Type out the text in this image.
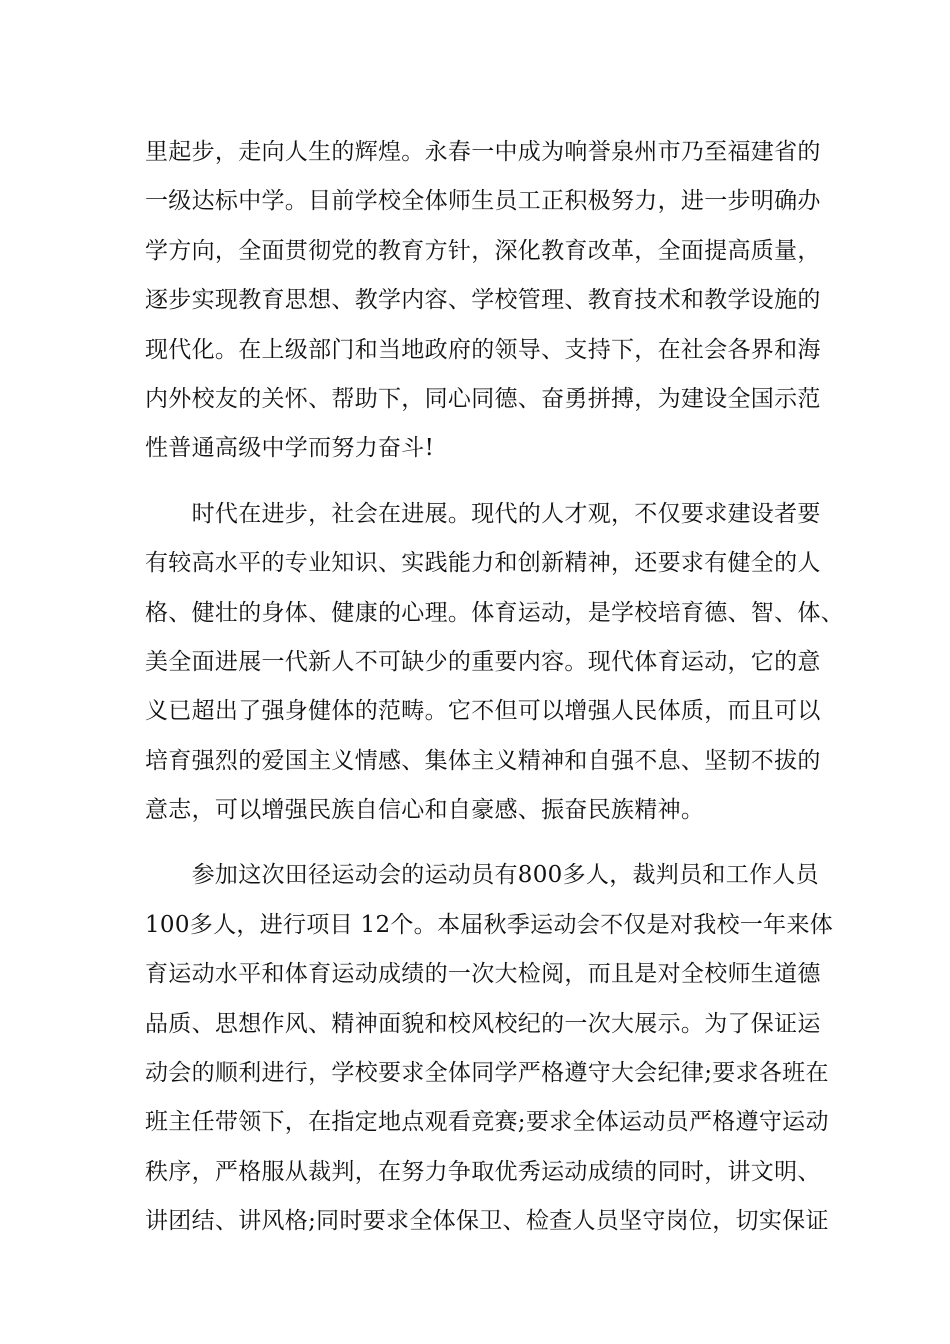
里起步，走向人生的辉煌。永春一中成为响誉泉州市乃至福建省的
一级达标中学。目前学校全体师生员工正积极努力，进一步明确办
学方向，全面贯彻党的教育方针，深化教育改革，全面提高质量，
逐步实现教育思想、教学内容、学校管理、教育技术和教学设施的
现代化。在上级部门和当地政府的领导、支持下，在社会各界和海
内外校友的关怀、帮助下，同心同德、奋勇拼搏，为建设全国示范
性普通高级中学而努力奋斗!
　　时代在进步，社会在进展。现代的人才观，不仅要求建设者要
有较高水平的专业知识、实践能力和创新精神，还要求有健全的人
格、健壮的身体、健康的心理。体育运动，是学校培育德、智、体、
美全面进展一代新人不可缺少的重要内容。现代体育运动，它的意
义已超出了强身健体的范畴。它不但可以增强人民体质，而且可以
培育强烈的爱国主义情感、集体主义精神和自强不息、坚韧不拔的
意志，可以增强民族自信心和自豪感、振奋民族精神。
　　参加这次田径运动会的运动员有800多人，裁判员和工作人员
100多人，进行项目 12个。本届秋季运动会不仅是对我校一年来体
育运动水平和体育运动成绩的一次大检阅，而且是对全校师生道德
品质、思想作风、精神面貌和校风校纪的一次大展示。为了保证运
动会的顺利进行，学校要求全体同学严格遵守大会纪律;要求各班在
班主任带领下，在指定地点观看竞赛;要求全体运动员严格遵守运动
秩序，严格服从裁判，在努力争取优秀运动成绩的同时，讲文明、
讲团结、讲风格;同时要求全体保卫、检查人员坚守岗位，切实保证
